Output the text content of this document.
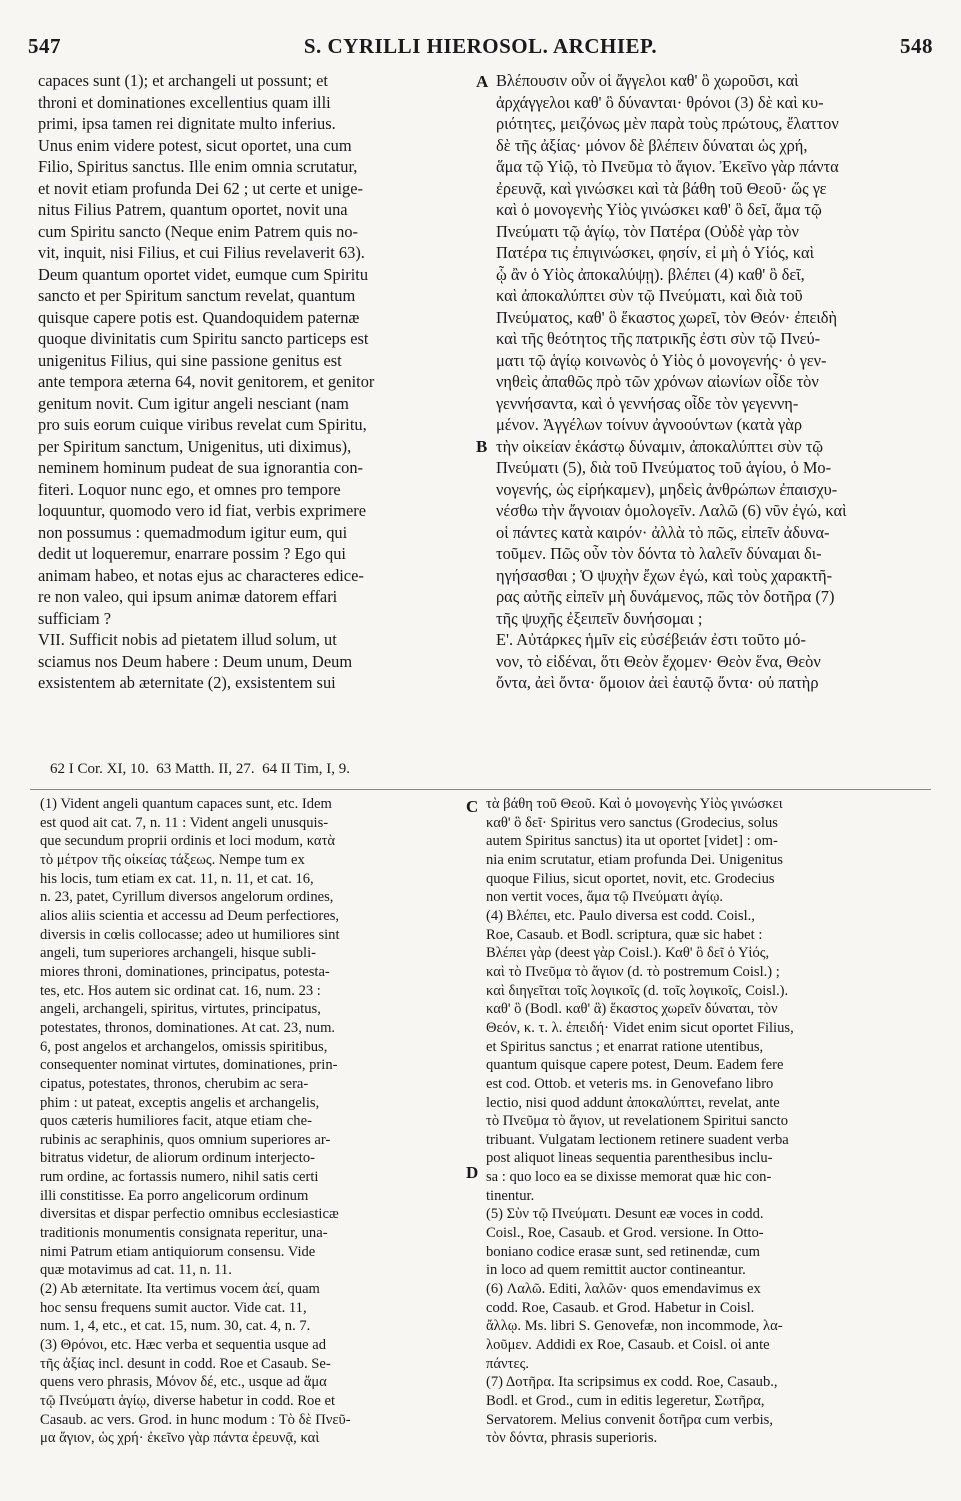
547	S. CYRILLI HIEROSOL. ARCHIEP.	548
capaces sunt (1); et archangeli ut possunt; et
throni et dominationes excellentius quam illi
primi, ipsa tamen rei dignitate multo inferius.
Unus enim videre potest, sicut oportet, una cum
Filio, Spiritus sanctus. Ille enim omnia scrutatur,
et novit etiam profunda Dei 62 ; ut certe et unige-
nitus Filius Patrem, quantum oportet, novit una
cum Spiritu sancto (Neque enim Patrem quis no-
vit, inquit, nisi Filius, et cui Filius revelaverit 63).
Deum quantum oportet videt, eumque cum Spiritu
sancto et per Spiritum sanctum revelat, quantum
quisque capere potis est. Quandoquidem paternæ
quoque divinitatis cum Spiritu sancto particeps est
unigenitus Filius, qui sine passione genitus est
ante tempora æterna 64, novit genitorem, et genitor
genitum novit. Cum igitur angeli nesciant (nam
pro suis eorum cuique viribus revelat cum Spiritu,
per Spiritum sanctum, Unigenitus, uti diximus),
neminem hominum pudeat de sua ignorantia con-
fiteri. Loquor nunc ego, et omnes pro tempore
loquuntur, quomodo vero id fiat, verbis exprimere
non possumus : quemadmodum igitur eum, qui
dedit ut loqueremur, enarrare possim ? Ego qui
animam habeo, et notas ejus ac characteres edice-
re non valeo, qui ipsum animæ datorem effari
sufficiam ?
VII. Sufficit nobis ad pietatem illud solum, ut
sciamus nos Deum habere : Deum unum, Deum
exsistentem ab æternitate (2), exsistentem sui
Βλέπουσιν οὖν οἱ ἄγγελοι καθ' ὃ χωροῦσι, καὶ
ἀρχάγγελοι καθ' ὃ δύνανται· θρόνοι (3) δὲ καὶ κυ-
ριότητες, μειζόνως μὲν παρὰ τοὺς πρώτους, ἔλαττον
δὲ τῆς ἀξίας· μόνον δὲ βλέπειν δύναται ὡς χρή,
ἅμα τῷ Υἱῷ, τὸ Πνεῦμα τὸ ἅγιον. Ἐκεῖνο γὰρ πάντα
ἐρευνᾷ, καὶ γινώσκει καὶ τὰ βάθη τοῦ Θεοῦ· ὥς γε
καὶ ὁ μονογενὴς Υἱὸς γινώσκει καθ' ὃ δεῖ, ἅμα τῷ
Πνεύματι τῷ ἁγίῳ, τὸν Πατέρα (Οὐδὲ γὰρ τὸν
Πατέρα τις ἐπιγινώσκει, φησίν, εἰ μὴ ὁ Υἱός, καὶ
ᾧ ἂν ὁ Υἱὸς ἀποκαλύψῃ). βλέπει (4) καθ' ὃ δεῖ,
καὶ ἀποκαλύπτει σὺν τῷ Πνεύματι, καὶ διὰ τοῦ
Πνεύματος, καθ' ὃ ἕκαστος χωρεῖ, τὸν Θεόν· ἐπειδὴ
καὶ τῆς θεότητος τῆς πατρικῆς ἐστι σὺν τῷ Πνεύ-
ματι τῷ ἁγίῳ κοινωνὸς ὁ Υἱὸς ὁ μονογενής· ὁ γεν-
νηθεὶς ἀπαθῶς πρὸ τῶν χρόνων αἰωνίων οἶδε τὸν
γεννήσαντα, καὶ ὁ γεννήσας οἶδε τὸν γεγεννη-
μένον. Ἀγγέλων τοίνυν ἀγνοούντων (κατὰ γὰρ
τὴν οἰκείαν ἑκάστῳ δύναμιν, ἀποκαλύπτει σὺν τῷ
Πνεύματι (5), διὰ τοῦ Πνεύματος τοῦ ἁγίου, ὁ Μο-
νογενής, ὡς εἰρήκαμεν), μηδεὶς ἀνθρώπων ἐπαισχυ-
νέσθω τὴν ἄγνοιαν ὁμολογεῖν. Λαλῶ (6) νῦν ἐγώ, καὶ
οἱ πάντες κατὰ καιρόν· ἀλλὰ τὸ πῶς, εἰπεῖν ἀδυνα-
τοῦμεν. Πῶς οὖν τὸν δόντα τὸ λαλεῖν δύναμαι δι-
ηγήσασθαι ; Ὁ ψυχὴν ἔχων ἐγώ, καὶ τοὺς χαρακτῆ-
ρας αὐτῆς εἰπεῖν μὴ δυνάμενος, πῶς τὸν δοτῆρα (7)
τῆς ψυχῆς ἐξειπεῖν δυνήσομαι ;
Ε'. Αὐτάρκες ἡμῖν εἰς εὐσέβειάν ἐστι τοῦτο μό-
νον, τὸ εἰδέναι, ὅτι Θεὸν ἔχομεν· Θεὸν ἕνα, Θεὸν
ὄντα, ἀεὶ ὄντα· ὅμοιον ἀεὶ ἑαυτῷ ὄντα· οὐ πατὴρ
A
B
C
D
62 I Cor. XI, 10.  63 Matth. II, 27.  64 II Tim, I, 9.
(1) Vident angeli quantum capaces sunt, etc. Idem
est quod ait cat. 7, n. 11 : Vident angeli unusquis-
que secundum proprii ordinis et loci modum, κατὰ
τὸ μέτρον τῆς οἰκείας τάξεως. Nempe tum ex
his locis, tum etiam ex cat. 11, n. 11, et cat. 16,
n. 23, patet, Cyrillum diversos angelorum ordines,
alios aliis scientia et accessu ad Deum perfectiores,
diversis in cœlis collocasse; adeo ut humiliores sint
angeli, tum superiores archangeli, hisque subli-
miores throni, dominationes, principatus, potesta-
tes, etc. Hos autem sic ordinat cat. 16, num. 23 :
angeli, archangeli, spiritus, virtutes, principatus,
potestates, thronos, dominationes. At cat. 23, num.
6, post angelos et archangelos, omissis spiritibus,
consequenter nominat virtutes, dominationes, prin-
cipatus, potestates, thronos, cherubim ac sera-
phim : ut pateat, exceptis angelis et archangelis,
quos cæteris humiliores facit, atque etiam che-
rubinis ac seraphinis, quos omnium superiores ar-
bitratus videtur, de aliorum ordinum interjecto-
rum ordine, ac fortassis numero, nihil satis certi
illi constitisse. Ea porro angelicorum ordinum
diversitas et dispar perfectio omnibus ecclesiasticæ
traditionis monumentis consignata reperitur, una-
nimi Patrum etiam antiquiorum consensu. Vide
quæ motavimus ad cat. 11, n. 11.
(2) Ab æternitate. Ita vertimus vocem ἀεί, quam
hoc sensu frequens sumit auctor. Vide cat. 11,
num. 1, 4, etc., et cat. 15, num. 30, cat. 4, n. 7.
(3) Θρόνοι, etc. Hæc verba et sequentia usque ad
τῆς ἀξίας incl. desunt in codd. Roe et Casaub. Se-
quens vero phrasis, Μόνον δέ, etc., usque ad ἅμα
τῷ Πνεύματι ἁγίῳ, diverse habetur in codd. Roe et
Casaub. ac vers. Grod. in hunc modum : Τὸ δὲ Πνεῦ-
μα ἅγιον, ὡς χρή· ἐκεῖνο γὰρ πάντα ἐρευνᾷ, καὶ
τὰ βάθη τοῦ Θεοῦ. Καὶ ὁ μονογενὴς Υἱὸς γινώσκει
καθ' ὃ δεῖ· Spiritus vero sanctus (Grodecius, solus
autem Spiritus sanctus) ita ut oportet [videt] : om-
nia enim scrutatur, etiam profunda Dei. Unigenitus
quoque Filius, sicut oportet, novit, etc. Grodecius
non vertit voces, ἅμα τῷ Πνεύματι ἁγίῳ.
(4) Βλέπει, etc. Paulo diversa est codd. Coisl.,
Roe, Casaub. et Bodl. scriptura, quæ sic habet :
Βλέπει γὰρ (deest γὰρ Coisl.). Καθ' ὃ δεῖ ὁ Υἱός,
καὶ τὸ Πνεῦμα τὸ ἅγιον (d. τὸ postremum Coisl.) ;
καὶ διηγεῖται τοῖς λογικοῖς (d. τοῖς λογικοῖς, Coisl.).
καθ' ὃ (Bodl. καθ' ἃ) ἕκαστος χωρεῖν δύναται, τὸν
Θεόν, κ. τ. λ. ἐπειδή· Videt enim sicut oportet Filius,
et Spiritus sanctus ; et enarrat ratione utentibus,
quantum quisque capere potest, Deum. Eadem fere
est cod. Ottob. et veteris ms. in Genovefano libro
lectio, nisi quod addunt ἀποκαλύπτει, revelat, ante
τὸ Πνεῦμα τὸ ἅγιον, ut revelationem Spiritui sancto
tribuant. Vulgatam lectionem retinere suadent verba
post aliquot lineas sequentia parenthesibus inclu-
sa : quo loco ea se dixisse memorat quæ hic con-
tinentur.
(5) Σὺν τῷ Πνεύματι. Desunt eæ voces in codd.
Coisl., Roe, Casaub. et Grod. versione. In Otto-
boniano codice erasæ sunt, sed retinendæ, cum
in loco ad quem remittit auctor contineantur.
(6) Λαλῶ. Editi, λαλῶν· quos emendavimus ex
codd. Roe, Casaub. et Grod. Habetur in Coisl.
ἄλλῳ. Ms. libri S. Genovefæ, non incommode, λα-
λοῦμεν. Addidi ex Roe, Casaub. et Coisl. οἱ ante
πάντες.
(7) Δοτῆρα. Ita scripsimus ex codd. Roe, Casaub.,
Bodl. et Grod., cum in editis legeretur, Σωτῆρα,
Servatorem. Melius convenit δοτῆρα cum verbis,
τὸν δόντα, phrasis superioris.
